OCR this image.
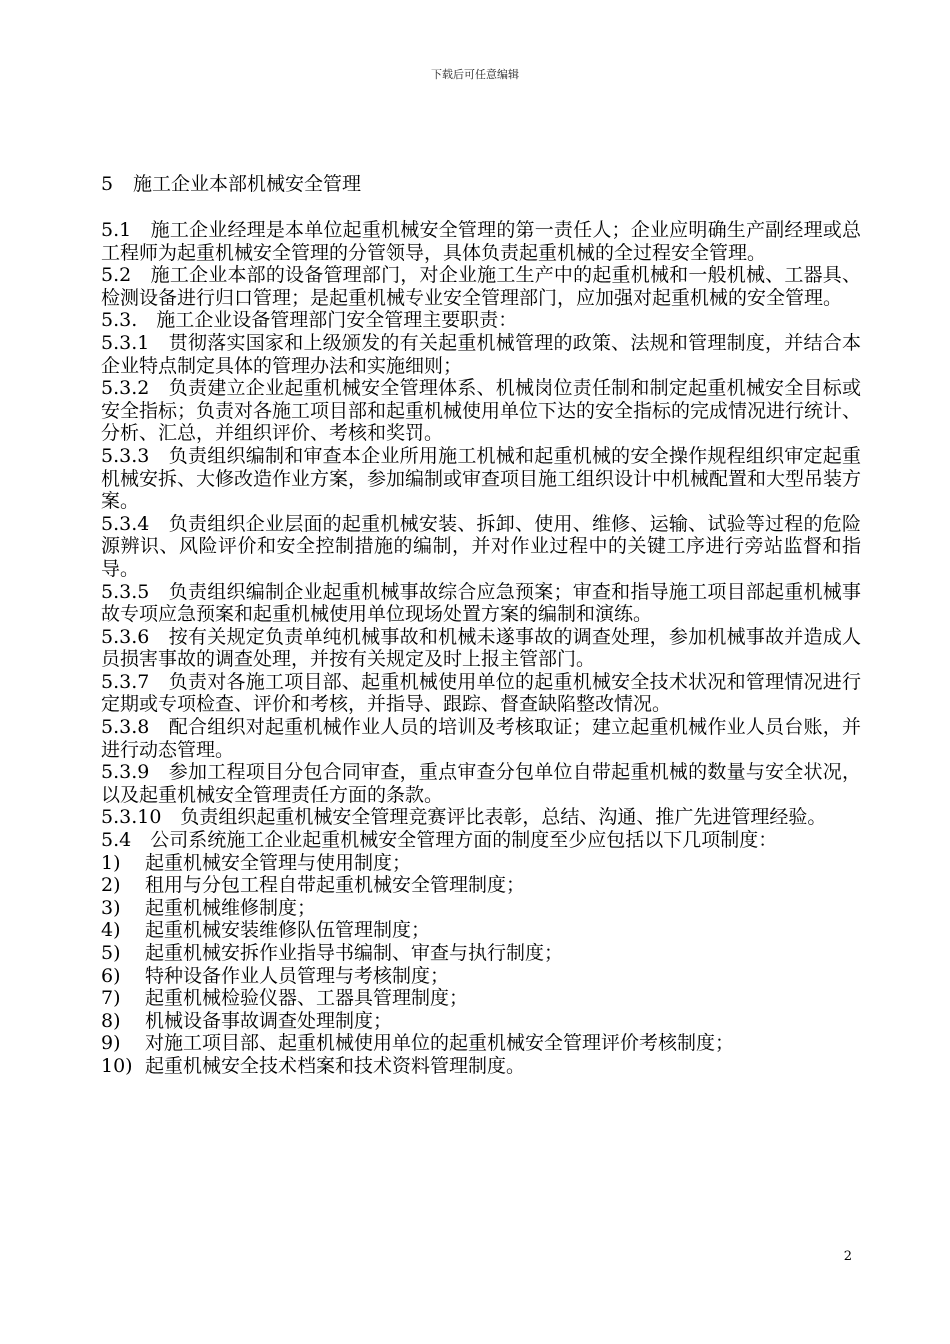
下载后可任意编辑
5 施工企业本部机械安全管理

5.1　施工企业经理是本单位起重机械安全管理的第一责任人；企业应明确生产副经理或总工程师为起重机械安全管理的分管领导，具体负责起重机械的全过程安全管理。

5.2　施工企业本部的设备管理部门，对企业施工生产中的起重机械和一般机械、工器具、检测设备进行归口管理；是起重机械专业安全管理部门，应加强对起重机械的安全管理。

5.3.　施工企业设备管理部门安全管理主要职责：

5.3.1　贯彻落实国家和上级颁发的有关起重机械管理的政策、法规和管理制度，并结合本企业特点制定具体的管理办法和实施细则；

5.3.2　负责建立企业起重机械安全管理体系、机械岗位责任制和制定起重机械安全目标或安全指标；负责对各施工项目部和起重机械使用单位下达的安全指标的完成情况进行统计、分析、汇总，并组织评价、考核和奖罚。

5.3.3　负责组织编制和审查本企业所用施工机械和起重机械的安全操作规程组织审定起重机械安拆、大修改造作业方案，参加编制或审查项目施工组织设计中机械配置和大型吊装方案。

5.3.4　负责组织企业层面的起重机械安装、拆卸、使用、维修、运输、试验等过程的危险源辨识、风险评价和安全控制措施的编制，并对作业过程中的关键工序进行旁站监督和指导。

5.3.5　负责组织编制企业起重机械事故综合应急预案；审查和指导施工项目部起重机械事故专项应急预案和起重机械使用单位现场处置方案的编制和演练。

5.3.6　按有关规定负责单纯机械事故和机械未遂事故的调查处理，参加机械事故并造成人员损害事故的调查处理，并按有关规定及时上报主管部门。

5.3.7　负责对各施工项目部、起重机械使用单位的起重机械安全技术状况和管理情况进行定期或专项检查、评价和考核，并指导、跟踪、督查缺陷整改情况。

5.3.8　配合组织对起重机械作业人员的培训及考核取证；建立起重机械作业人员台账，并进行动态管理。

5.3.9　参加工程项目分包合同审查，重点审查分包单位自带起重机械的数量与安全状况，以及起重机械安全管理责任方面的条款。

5.3.10　负责组织起重机械安全管理竞赛评比表彰，总结、沟通、推广先进管理经验。

5.4　公司系统施工企业起重机械安全管理方面的制度至少应包括以下几项制度：

1) 起重机械安全管理与使用制度；

2) 租用与分包工程自带起重机械安全管理制度；

3) 起重机械维修制度；

4) 起重机械安装维修队伍管理制度；

5) 起重机械安拆作业指导书编制、审查与执行制度；

6) 特种设备作业人员管理与考核制度；

7) 起重机械检验仪器、工器具管理制度；

8) 机械设备事故调查处理制度；

9) 对施工项目部、起重机械使用单位的起重机械安全管理评价考核制度；

10) 起重机械安全技术档案和技术资料管理制度。

2
